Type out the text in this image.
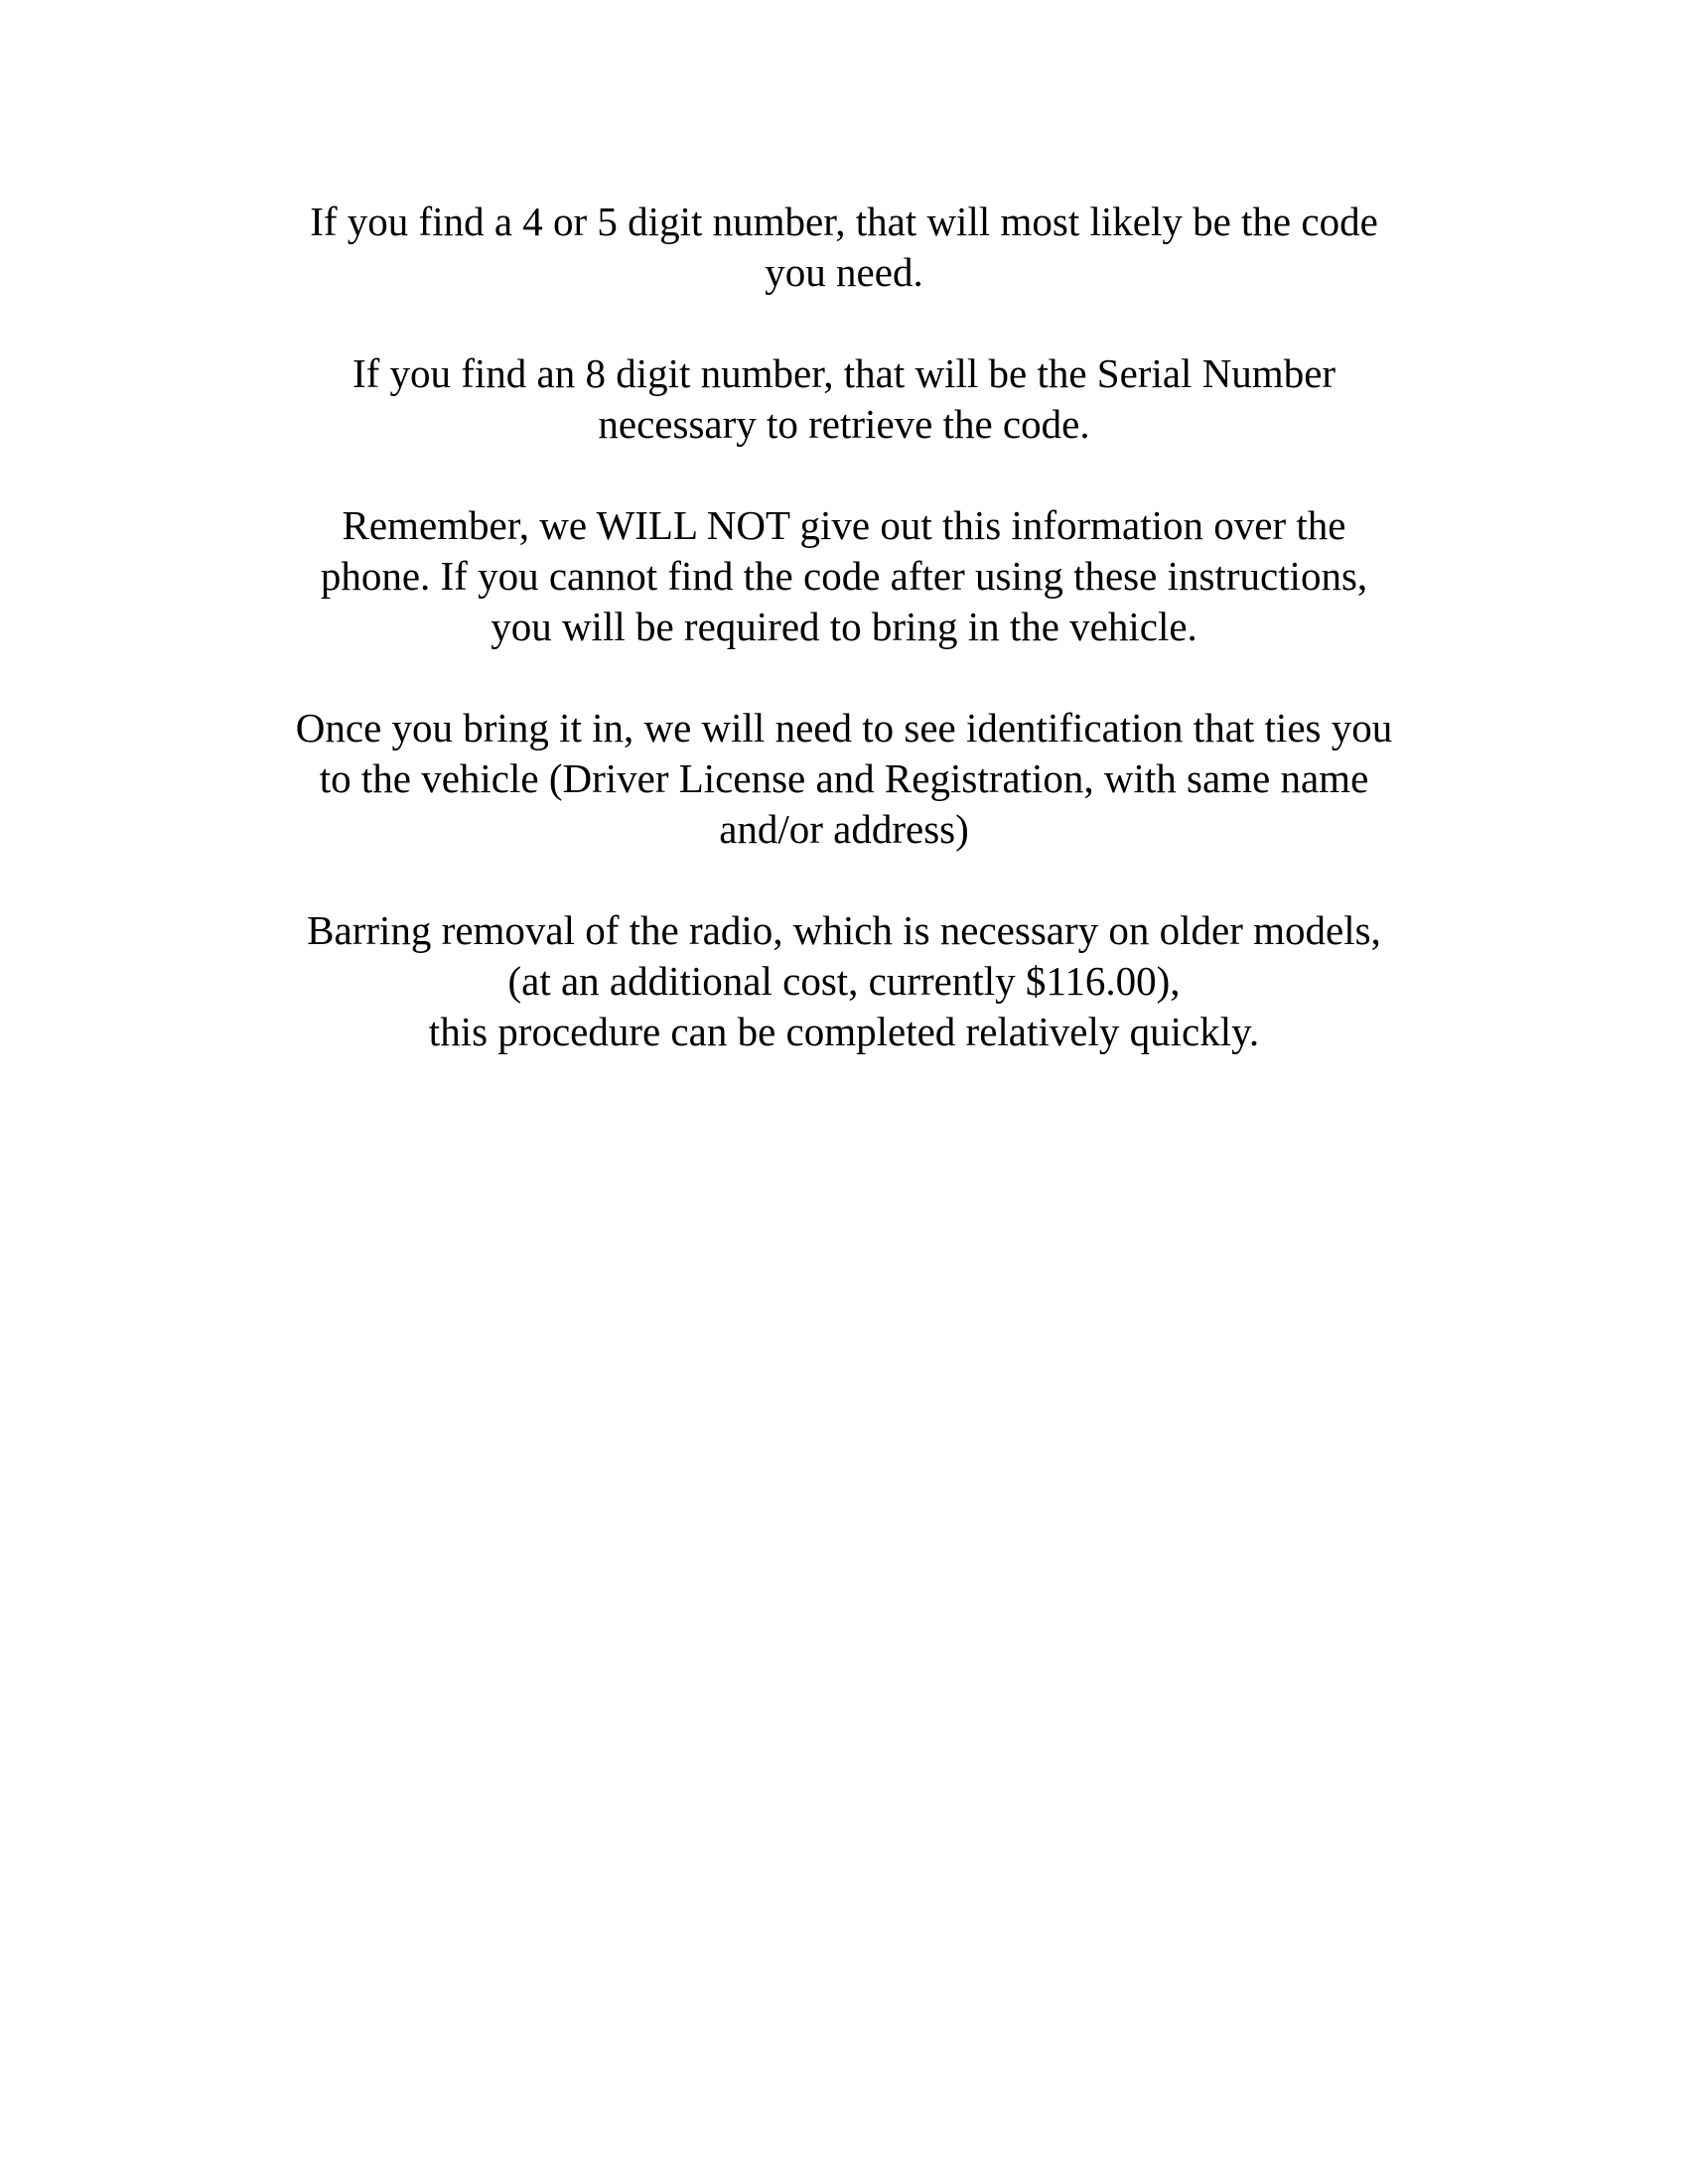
If you find a 4 or 5 digit number, that will most likely be the code
you need.

If you find an 8 digit number, that will be the Serial Number
necessary to retrieve the code.

Remember, we WILL NOT give out this information over the
phone. If you cannot find the code after using these instructions,
you will be required to bring in the vehicle.

Once you bring it in, we will need to see identification that ties you
to the vehicle (Driver License and Registration, with same name
and/or address)

Barring removal of the radio, which is necessary on older models,
(at an additional cost, currently $116.00),
this procedure can be completed relatively quickly.
